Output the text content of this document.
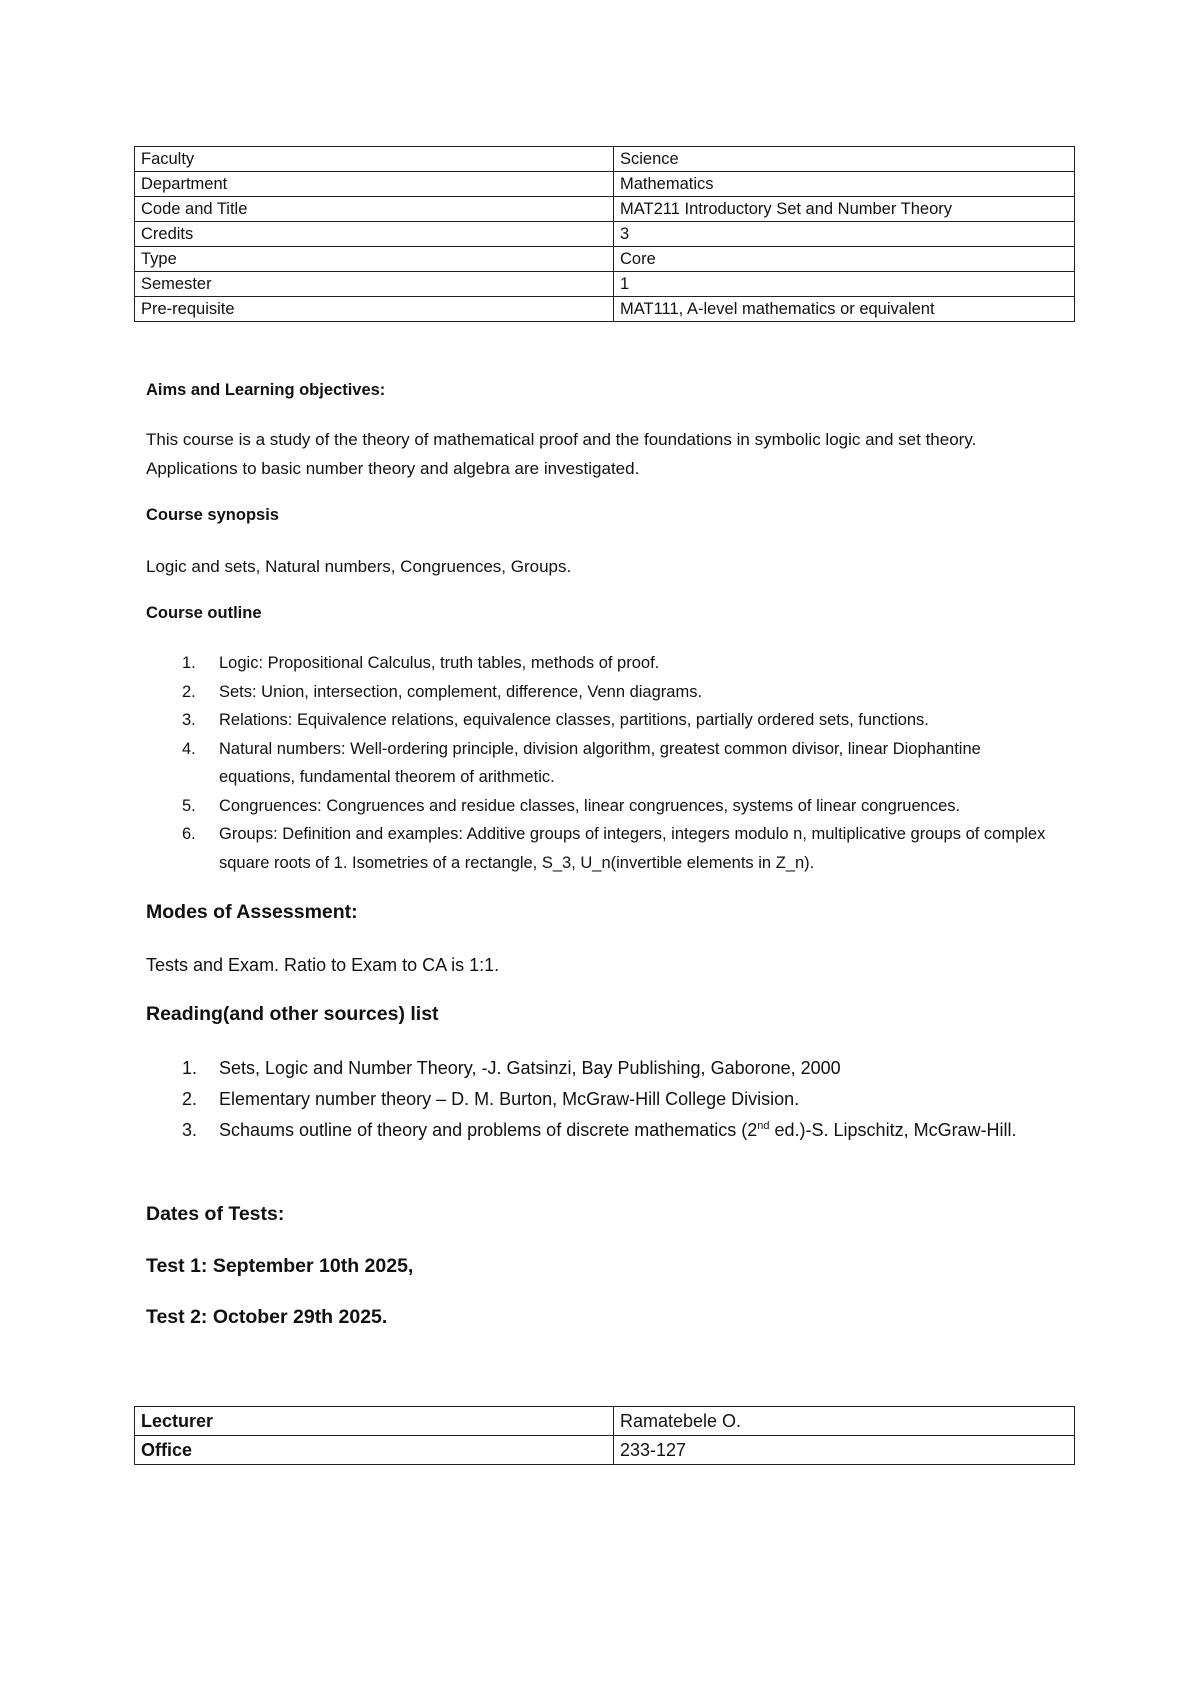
Faculty	Science
Department	Mathematics
Code and Title	MAT211 Introductory Set and Number Theory
Credits	3
Type	Core
Semester	1
Pre-requisite	MAT111, A-level mathematics or equivalent

Aims and Learning objectives:

This course is a study of the theory of mathematical proof and the foundations in symbolic logic and set theory. Applications to basic number theory and algebra are investigated.

Course synopsis

Logic and sets, Natural numbers, Congruences, Groups.

Course outline

1. Logic: Propositional Calculus, truth tables, methods of proof.
2. Sets: Union, intersection, complement, difference, Venn diagrams.
3. Relations: Equivalence relations, equivalence classes, partitions, partially ordered sets, functions.
4. Natural numbers: Well-ordering principle, division algorithm, greatest common divisor, linear Diophantine equations, fundamental theorem of arithmetic.
5. Congruences: Congruences and residue classes, linear congruences, systems of linear congruences.
6. Groups: Definition and examples: Additive groups of integers, integers modulo n, multiplicative groups of complex square roots of 1. Isometries of a rectangle, S_3, U_n(invertible elements in Z_n).

Modes of Assessment:

Tests and Exam. Ratio to Exam to CA is 1:1.

Reading(and other sources) list

1. Sets, Logic and Number Theory, -J. Gatsinzi, Bay Publishing, Gaborone, 2000
2. Elementary number theory – D. M. Burton, McGraw-Hill College Division.
3. Schaums outline of theory and problems of discrete mathematics (2nd ed.)-S. Lipschitz, McGraw-Hill.

Dates of Tests:

Test 1: September 10th 2025,

Test 2: October 29th 2025.

Lecturer	Ramatebele O.
Office	233-127
